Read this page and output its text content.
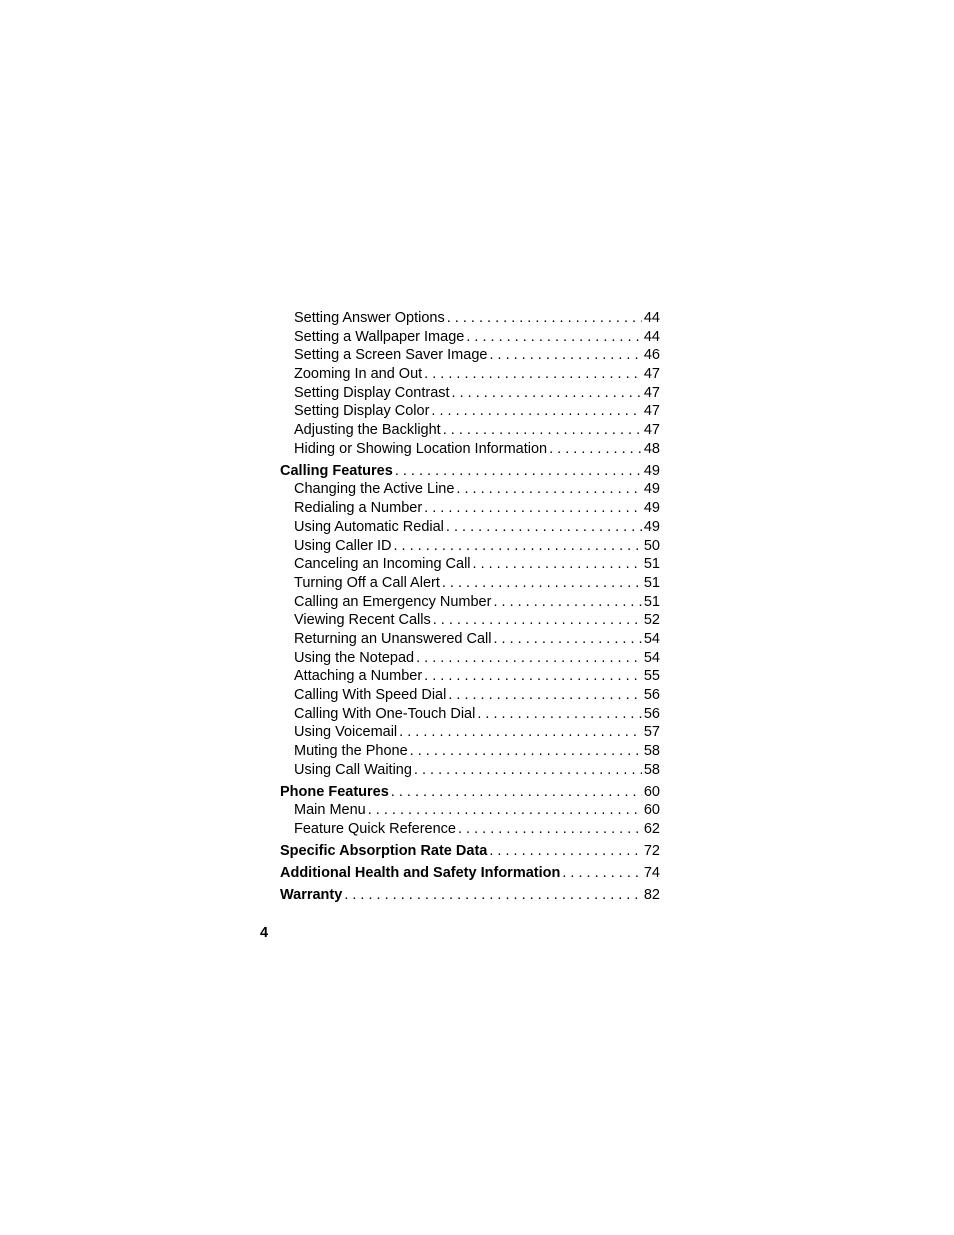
Setting Answer Options . . .	44
Setting a Wallpaper Image . . .	44
Setting a Screen Saver Image . . .	46
Zooming In and Out . . .	47
Setting Display Contrast . . .	47
Setting Display Color . . .	47
Adjusting the Backlight . . .	47
Hiding or Showing Location Information . . .	48
Calling Features . . .	49
Changing the Active Line . . .	49
Redialing a Number . . .	49
Using Automatic Redial . . .	49
Using Caller ID . . .	50
Canceling an Incoming Call . . .	51
Turning Off a Call Alert . . .	51
Calling an Emergency Number . . .	51
Viewing Recent Calls . . .	52
Returning an Unanswered Call . . .	54
Using the Notepad . . .	54
Attaching a Number . . .	55
Calling With Speed Dial . . .	56
Calling With One-Touch Dial . . .	56
Using Voicemail . . .	57
Muting the Phone . . .	58
Using Call Waiting . . .	58
Phone Features . . .	60
Main Menu . . .	60
Feature Quick Reference . . .	62
Specific Absorption Rate Data . . .	72
Additional Health and Safety Information . . .	74
Warranty . . .	82
4
